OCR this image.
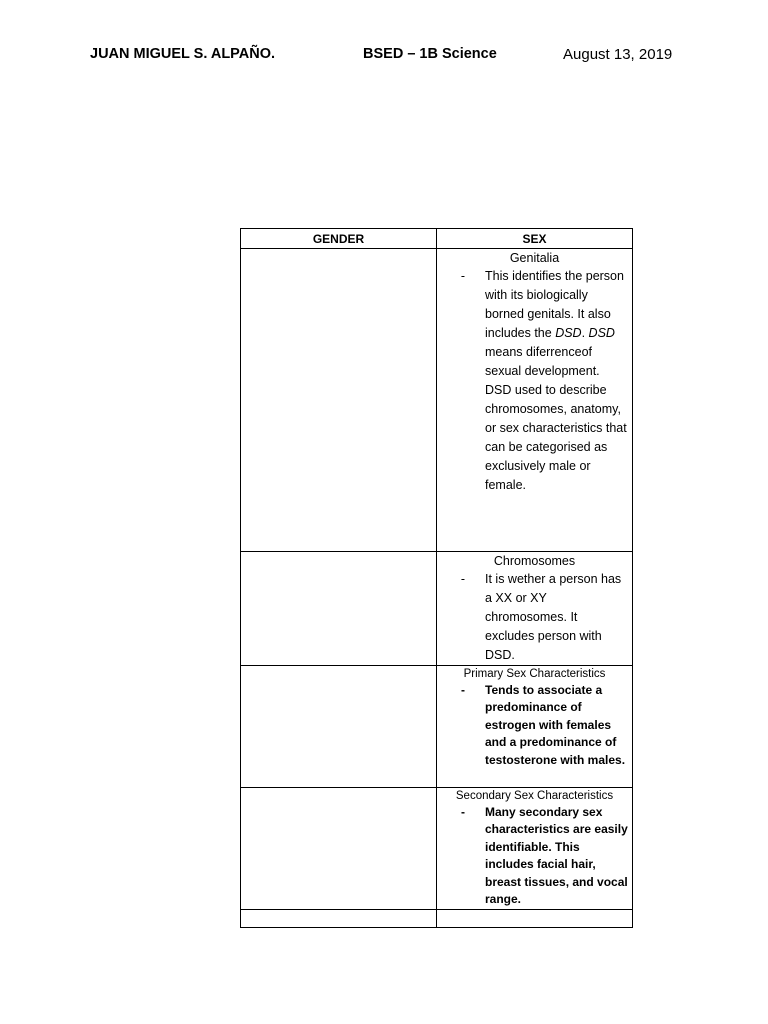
JUAN MIGUEL S. ALPAÑO.	BSED – 1B Science	August 13, 2019
GENDER	SEX

	Genitalia
- This identifies the person with its biologically borned genitals. It also includes the DSD. DSD means diferrenceof sexual development. DSD used to describe chromosomes, anatomy, or sex characteristics that can be categorised as exclusively male or female.

	Chromosomes
- It is wether a person has a XX or XY chromosomes. It excludes person with DSD.

	Primary Sex Characteristics
- Tends to associate a predominance of estrogen with females and a predominance of testosterone with males.

	Secondary Sex Characteristics
- Many secondary sex characteristics are easily identifiable. This includes facial hair, breast tissues, and vocal range.
